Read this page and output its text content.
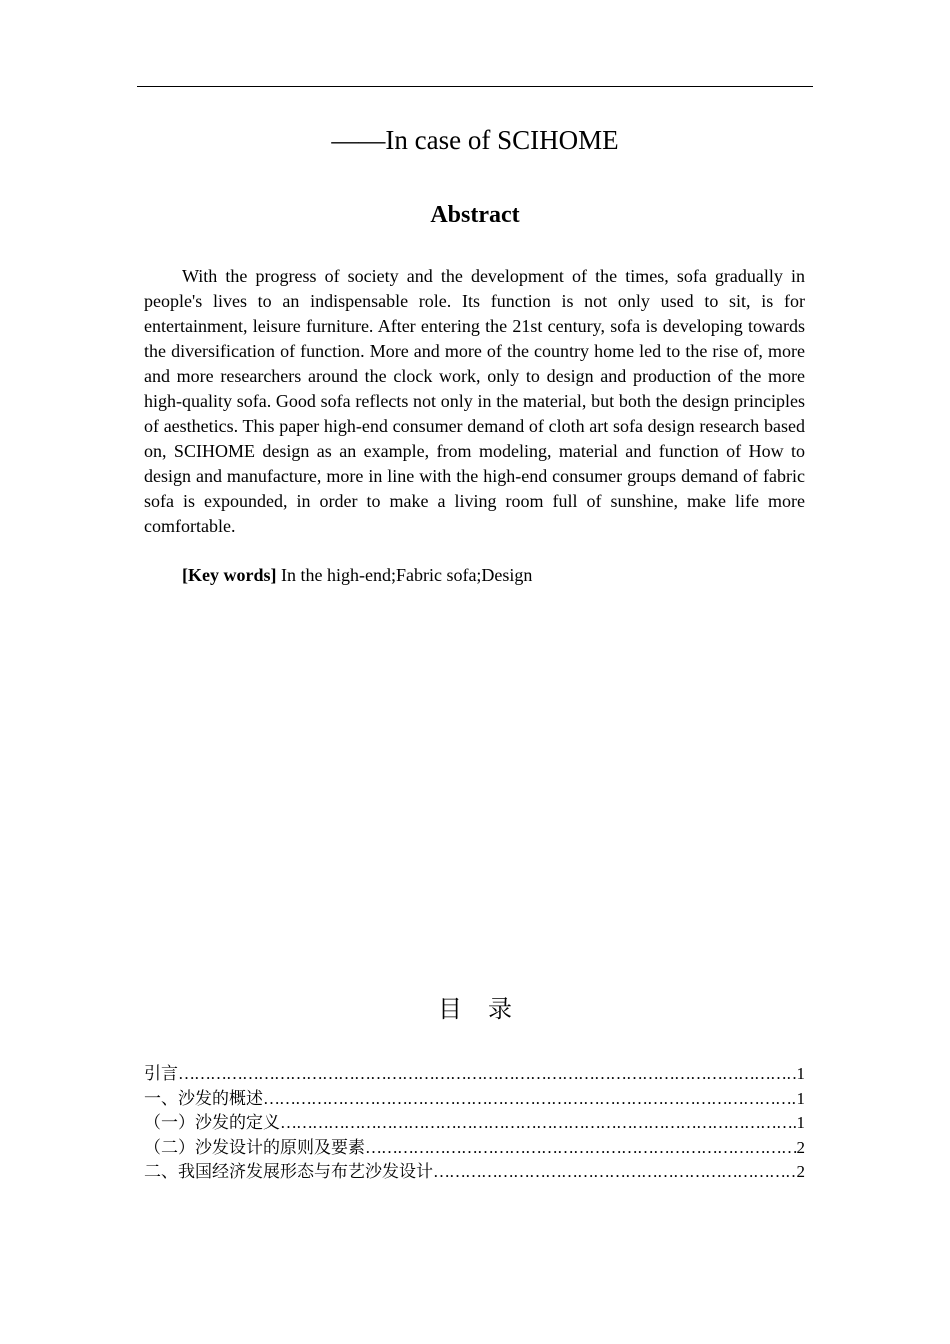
——In case of SCIHOME
Abstract

With the progress of society and the development of the times, sofa gradually in people's lives to an indispensable role. Its function is not only used to sit, is for entertainment, leisure furniture. After entering the 21st century, sofa is developing towards the diversification of function. More and more of the country home led to the rise of, more and more researchers around the clock work, only to design and production of the more high-quality sofa. Good sofa reflects not only in the material, but both the design principles of aesthetics. This paper high-end consumer demand of cloth art sofa design research based on, SCIHOME design as an example, from modeling, material and function of How to design and manufacture, more in line with the high-end consumer groups demand of fabric sofa is expounded, in order to make a living room full of sunshine, make life more comfortable.

[Key words] In the high-end;Fabric sofa;Design

目录
引言 ……………………………………………………………………………………………………………………………………………………	1
一、沙发的概述 ……………………………………………………………………………………………………………………………………………………	1
（一）沙发的定义 ……………………………………………………………………………………………………………………………………………………	1
（二）沙发设计的原则及要素 ……………………………………………………………………………………………………………………………………………………	2
二、我国经济发展形态与布艺沙发设计 ……………………………………………………………………………………………………………………………………………………	2
